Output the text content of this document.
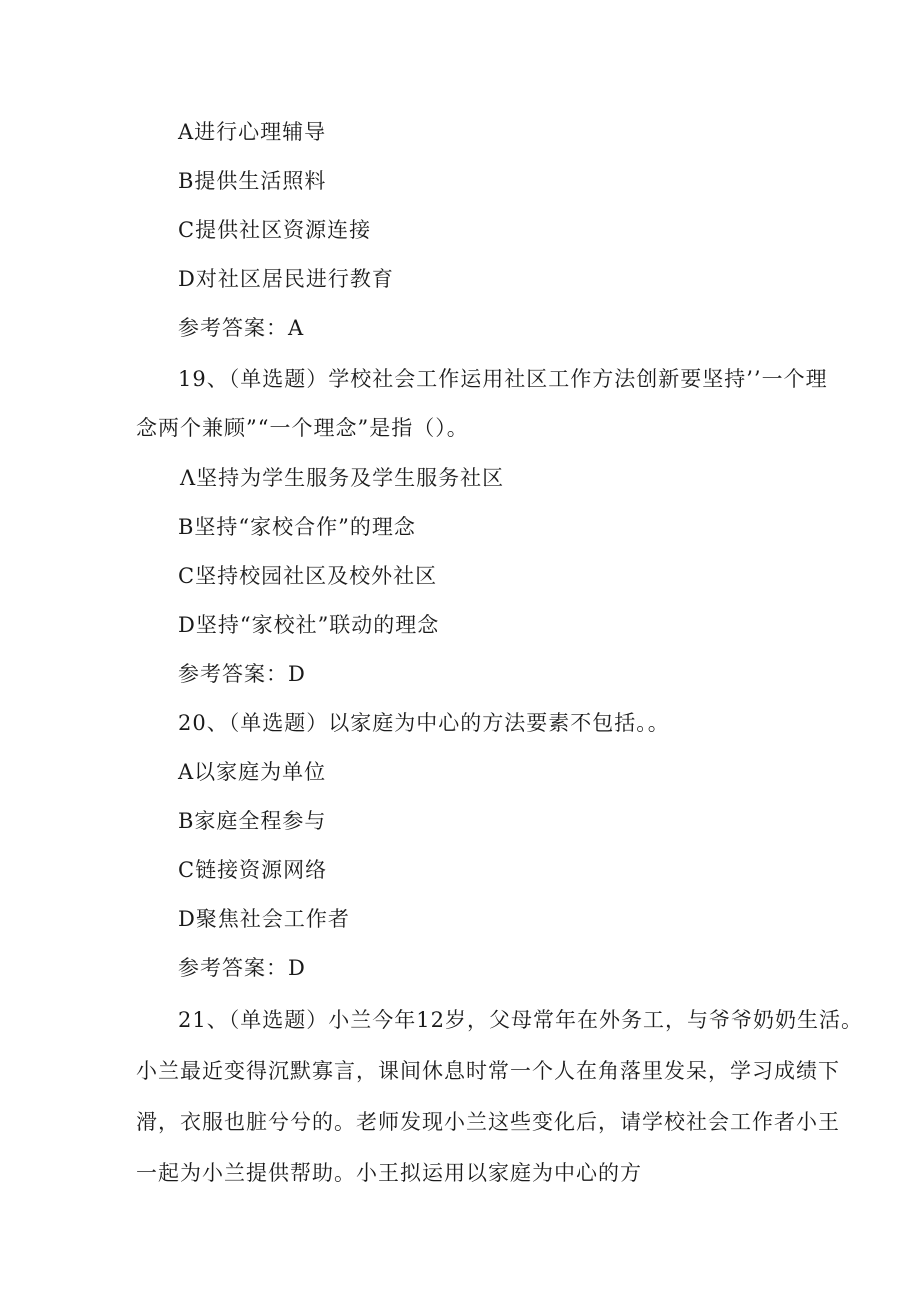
A进行心理辅导
B提供生活照料
C提供社区资源连接
D对社区居民进行教育
参考答案：A
19、（单选题）学校社会工作运用社区工作方法创新要坚持’’一个理
念两个兼顾”“一个理念”是指（）。
Λ坚持为学生服务及学生服务社区
B坚持“家校合作”的理念
C坚持校园社区及校外社区
D坚持“家校社”联动的理念
参考答案：D
20、（单选题）以家庭为中心的方法要素不包括。。
A以家庭为单位
B家庭全程参与
C链接资源网络
D聚焦社会工作者
参考答案：D
21、（单选题）小兰今年12岁，父母常年在外务工，与爷爷奶奶生活。
小兰最近变得沉默寡言，课间休息时常一个人在角落里发呆，学习成绩下
滑，衣服也脏兮兮的。老师发现小兰这些变化后，请学校社会工作者小王
一起为小兰提供帮助。小王拟运用以家庭为中心的方
